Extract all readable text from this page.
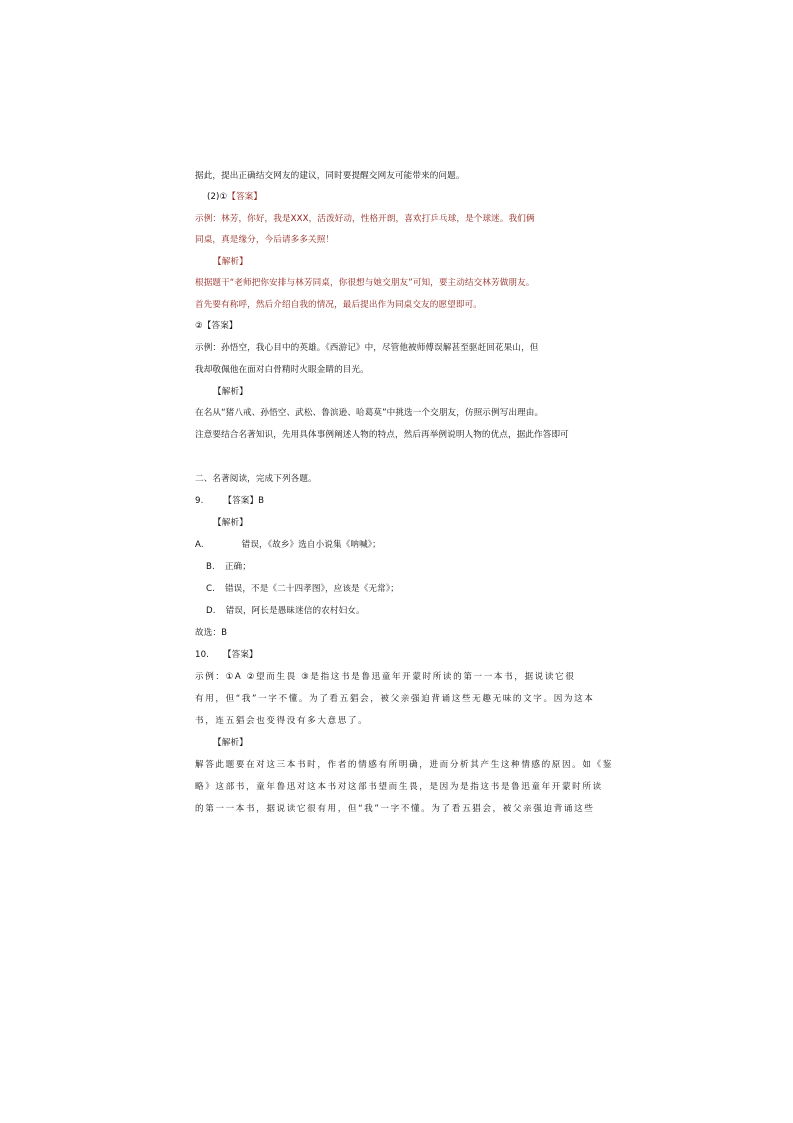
据此，提出正确结交网友的建议，同时要提醒交网友可能带来的问题。
(2)①【答案】
示例：林芳，你好，我是XXX，活泼好动，性格开朗，喜欢打乒乓球，是个球迷。我们俩
同桌，真是缘分，今后请多多关照！
【解析】
根据题干“老师把你安排与林芳同桌，你很想与她交朋友”可知，要主动结交林芳做朋友。
首先要有称呼，然后介绍自我的情况，最后提出作为同桌交友的愿望即可。
②【答案】
示例：孙悟空，我心目中的英雄。《西游记》中，尽管他被师傅误解甚至驱赶回花果山，但
我却敬佩他在面对白骨精时火眼金睛的目光。
【解析】
在名从“猪八戒、孙悟空、武松、鲁滨逊、哈葛莫”中挑选一个交朋友，仿照示例写出理由。
注意要结合名著知识，先用具体事例阐述人物的特点，然后再举例说明人物的优点，据此作答即可
二、名著阅读，完成下列各题。
9. 【答案】B
【解析】
A.	错误，《故乡》选自小说集《呐喊》；
B. 正确；
C. 错误，不是《二十四孝图》，应该是《无常》；
D. 错误，阿长是愚昧迷信的农村妇女。
故选：B
10. 【答案】
示例：①A ②望而生畏 ③是指这书是鲁迅童年开蒙时所读的第一一本书，据说读它很
有用，但“我”一字不懂。为了看五猖会，被父亲强迫背诵这些无趣无味的文字。因为这本
书，连五猖会也变得没有多大意思了。
【解析】
解答此题要在对这三本书时，作者的情感有所明确，进而分析其产生这种情感的原因。如《鉴
略》这部书，童年鲁迅对这本书对这部书望而生畏，是因为是指这书是鲁迅童年开蒙时所读
的第一一本书，据说读它很有用，但“我”一字不懂。为了看五猖会，被父亲强迫背诵这些
